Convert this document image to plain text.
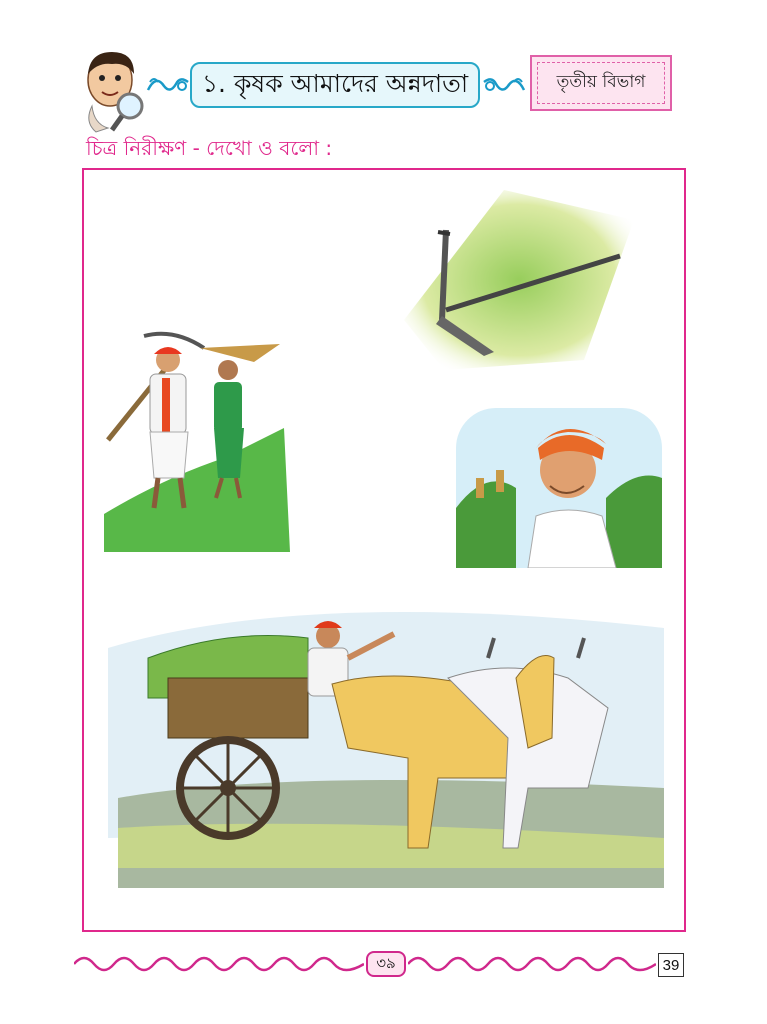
১. কৃষক আমাদের অন্নদাতা	তৃতীয় বিভাগ
চিত্র নিরীক্ষণ - দেখো ও বলো :
৩৯	39
